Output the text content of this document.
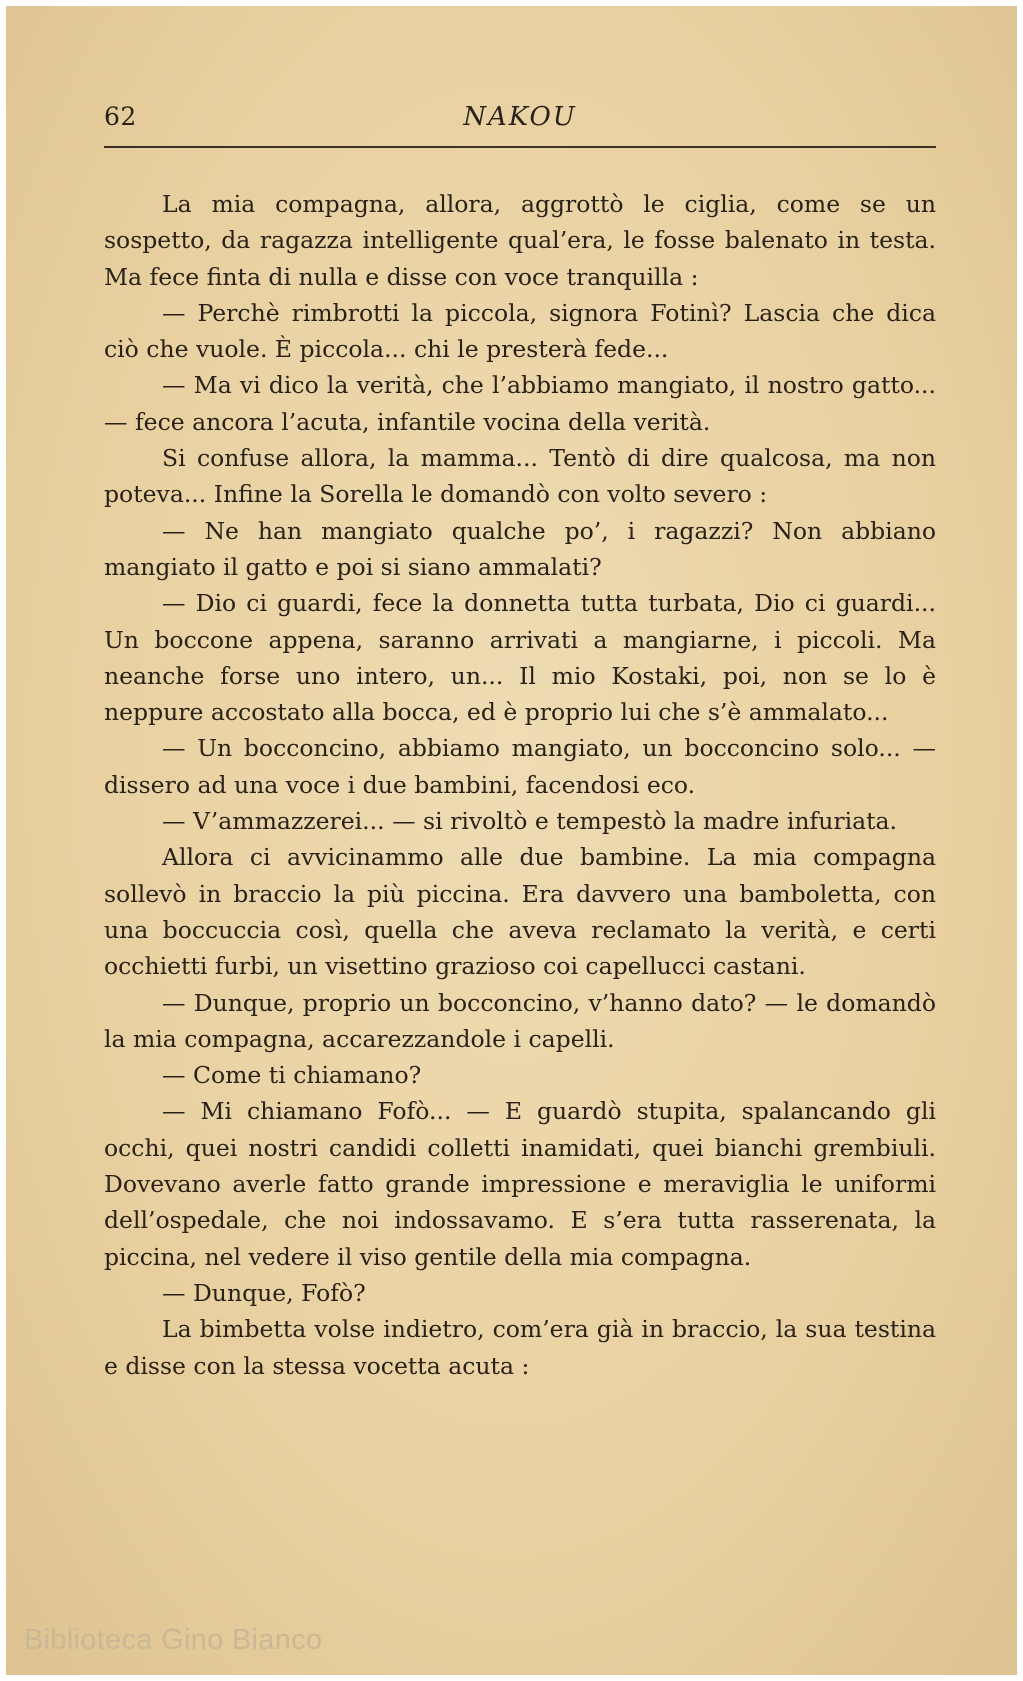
62	NAKOU

La mia compagna, allora, aggrottò le ciglia, come se un sospetto, da ragazza intelligente qual’era, le fosse balenato in testa. Ma fece finta di nulla e disse con voce tranquilla :

— Perchè rimbrotti la piccola, signora Fotinì? Lascia che dica ciò che vuole. È piccola... chi le presterà fede...

— Ma vi dico la verità, che l’abbiamo mangiato, il nostro gatto... — fece ancora l’acuta, infantile vocina della verità.

Si confuse allora, la mamma... Tentò di dire qualcosa, ma non poteva... Infine la Sorella le domandò con volto severo :

— Ne han mangiato qualche po’, i ragazzi? Non abbiano mangiato il gatto e poi si siano ammalati?

— Dio ci guardi, fece la donnetta tutta turbata, Dio ci guardi... Un boccone appena, saranno arrivati a mangiarne, i piccoli. Ma neanche forse uno intero, un... Il mio Kostaki, poi, non se lo è neppure accostato alla bocca, ed è proprio lui che s’è ammalato...

— Un bocconcino, abbiamo mangiato, un bocconcino solo... — dissero ad una voce i due bambini, facendosi eco.

— V’ammazzerei... — si rivoltò e tempestò la madre infuriata.

Allora ci avvicinammo alle due bambine. La mia compagna sollevò in braccio la più piccina. Era davvero una bamboletta, con una boccuccia così, quella che aveva reclamato la verità, e certi occhietti furbi, un visettino grazioso coi capellucci castani.

— Dunque, proprio un bocconcino, v’hanno dato? — le domandò la mia compagna, accarezzandole i capelli.

— Come ti chiamano?

— Mi chiamano Fofò... — E guardò stupita, spalancando gli occhi, quei nostri candidi colletti inamidati, quei bianchi grembiuli. Dovevano averle fatto grande impressione e meraviglia le uniformi dell’ospedale, che noi indossavamo. E s’era tutta rasserenata, la piccina, nel vedere il viso gentile della mia compagna.

— Dunque, Fofò?

La bimbetta volse indietro, com’era già in braccio, la sua testina e disse con la stessa vocetta acuta :

Biblioteca Gino Bianco
